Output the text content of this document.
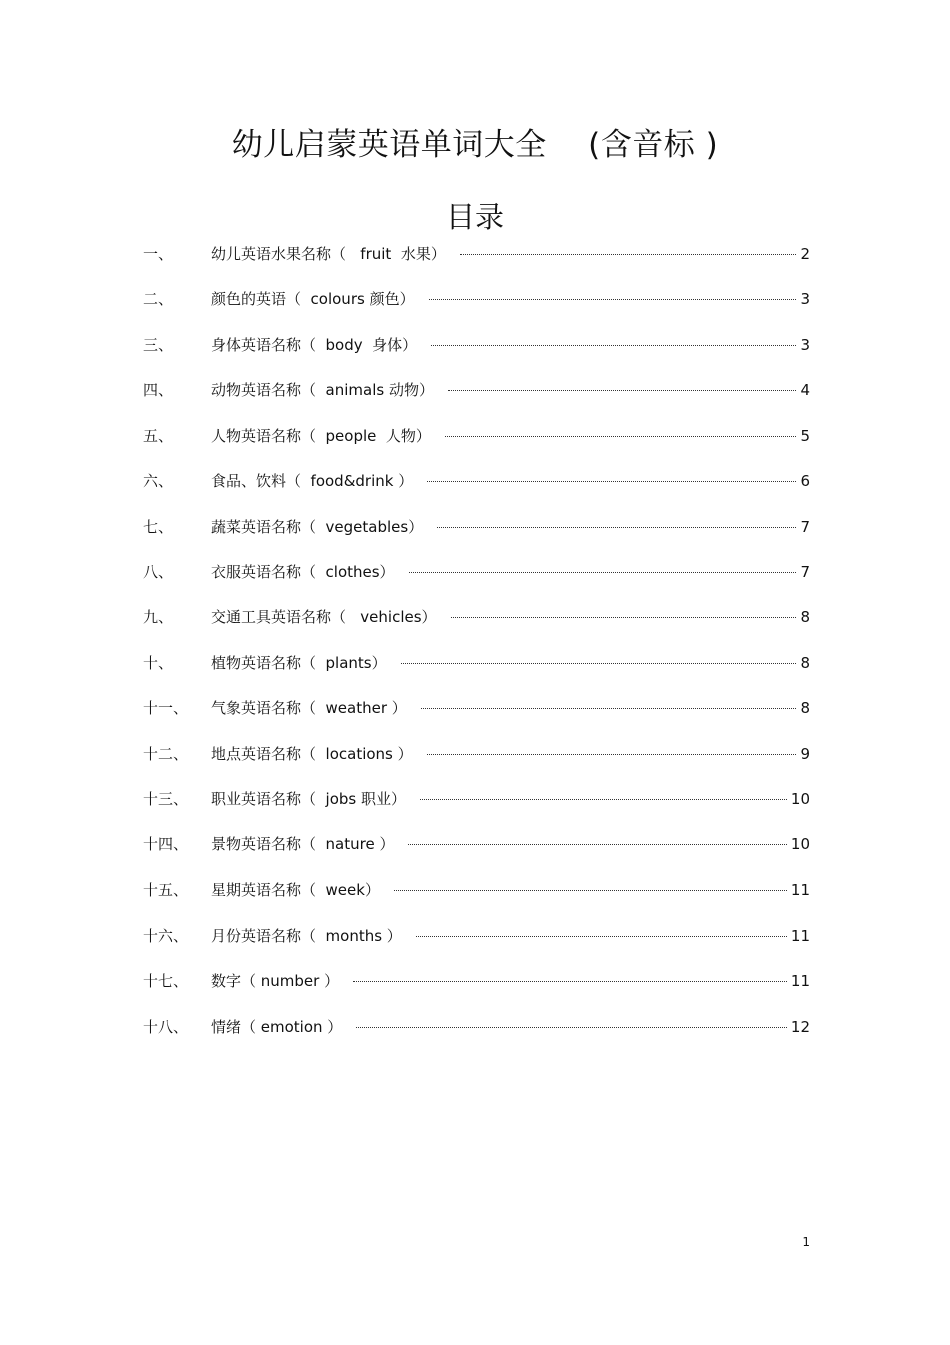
幼儿启蒙英语单词大全    (含音标 )
目录
一、	幼儿英语水果名称（   fruit  水果）	2
二、	颜色的英语（  colours 颜色）	3
三、	身体英语名称（  body  身体）	3
四、	动物英语名称（  animals 动物）	4
五、	人物英语名称（  people  人物）	5
六、	食品、饮料（  food&drink ）	6
七、	蔬菜英语名称（  vegetables）	7
八、	衣服英语名称（  clothes）	7
九、	交通工具英语名称（   vehicles）	8
十、	植物英语名称（  plants）	8
十一、	气象英语名称（  weather ）	8
十二、	地点英语名称（  locations ）	9
十三、	职业英语名称（  jobs 职业）	10
十四、	景物英语名称（  nature ）	10
十五、	星期英语名称（  week）	11
十六、	月份英语名称（  months ）	11
十七、	数字（ number ）	11
十八、	情绪（ emotion ）	12
1
